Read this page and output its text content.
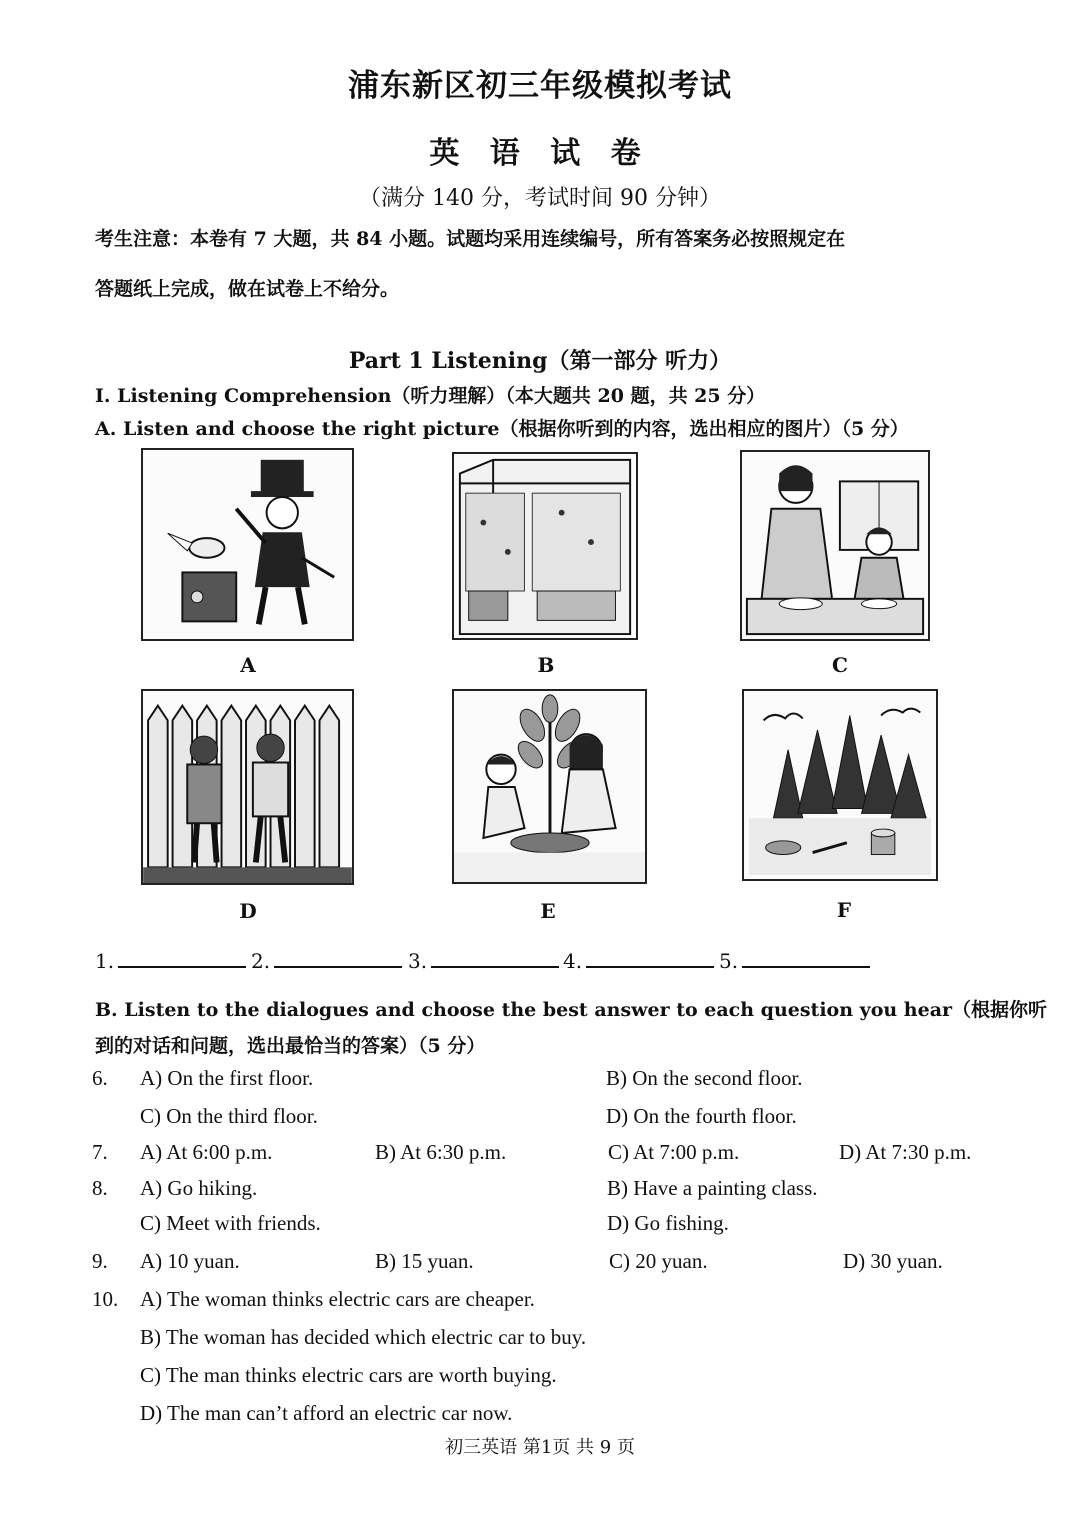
浦东新区初三年级模拟考试
英 语 试 卷
（满分 140 分，考试时间 90 分钟）
考生注意：本卷有 7 大题，共 84 小题。试题均采用连续编号，所有答案务必按照规定在
答题纸上完成，做在试卷上不给分。
Part 1 Listening（第一部分 听力）
I. Listening Comprehension（听力理解）（本大题共 20 题，共 25 分）
A. Listen and choose the right picture（根据你听到的内容，选出相应的图片）（5 分）
A	B	C
D	E	F
1.	2.	3.	4.	5.
B. Listen to the dialogues and choose the best answer to each question you hear（根据你听
到的对话和问题，选出最恰当的答案）（5 分）
6. A) On the first floor.	B) On the second floor.
C) On the third floor.	D) On the fourth floor.
7. A) At 6:00 p.m.	B) At 6:30 p.m.	C) At 7:00 p.m.	D) At 7:30 p.m.
8. A) Go hiking.	B) Have a painting class.
C) Meet with friends.	D) Go fishing.
9. A) 10 yuan.	B) 15 yuan.	C) 20 yuan.	D) 30 yuan.
10. A) The woman thinks electric cars are cheaper.
B) The woman has decided which electric car to buy.
C) The man thinks electric cars are worth buying.
D) The man can’t afford an electric car now.
初三英语 第1页 共 9 页
